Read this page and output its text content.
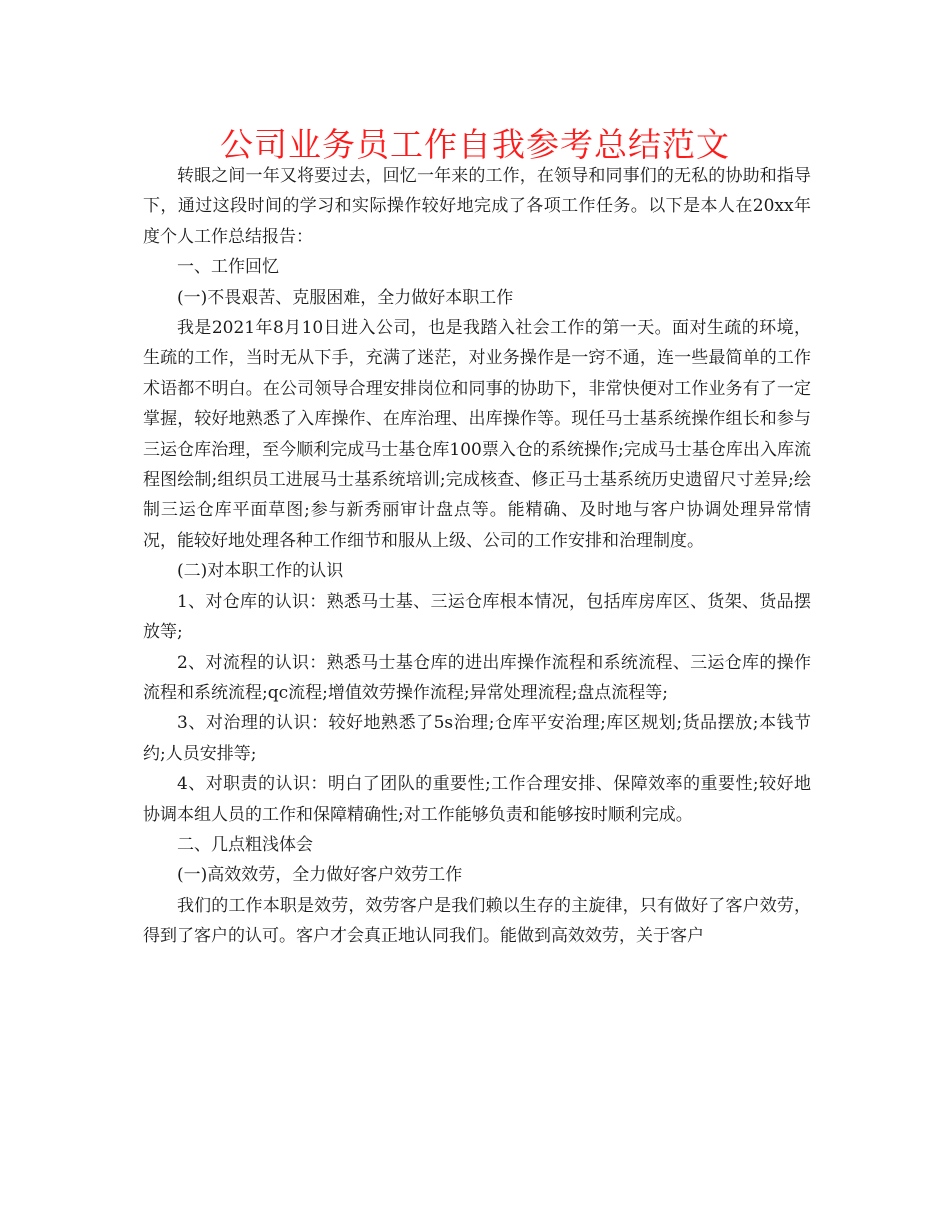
公司业务员工作自我参考总结范文

转眼之间一年又将要过去，回忆一年来的工作，在领导和同事们的无私的协助和指导下，通过这段时间的学习和实际操作较好地完成了各项工作任务。以下是本人在20xx年度个人工作总结报告：

一、工作回忆

(一)不畏艰苦、克服困难，全力做好本职工作

我是2021年8月10日进入公司，也是我踏入社会工作的第一天。面对生疏的环境，生疏的工作，当时无从下手，充满了迷茫，对业务操作是一窍不通，连一些最简单的工作术语都不明白。在公司领导合理安排岗位和同事的协助下，非常快便对工作业务有了一定掌握，较好地熟悉了入库操作、在库治理、出库操作等。现任马士基系统操作组长和参与三运仓库治理，至今顺利完成马士基仓库100票入仓的系统操作;完成马士基仓库出入库流程图绘制;组织员工进展马士基系统培训;完成核查、修正马士基系统历史遗留尺寸差异;绘制三运仓库平面草图;参与新秀丽审计盘点等。能精确、及时地与客户协调处理异常情况，能较好地处理各种工作细节和服从上级、公司的工作安排和治理制度。

(二)对本职工作的认识

1、对仓库的认识：熟悉马士基、三运仓库根本情况，包括库房库区、货架、货品摆放等;

2、对流程的认识：熟悉马士基仓库的进出库操作流程和系统流程、三运仓库的操作流程和系统流程;qc流程;增值效劳操作流程;异常处理流程;盘点流程等;

3、对治理的认识：较好地熟悉了5s治理;仓库平安治理;库区规划;货品摆放;本钱节约;人员安排等;

4、对职责的认识：明白了团队的重要性;工作合理安排、保障效率的重要性;较好地协调本组人员的工作和保障精确性;对工作能够负责和能够按时顺利完成。

二、几点粗浅体会

(一)高效效劳，全力做好客户效劳工作

我们的工作本职是效劳，效劳客户是我们赖以生存的主旋律，只有做好了客户效劳，得到了客户的认可。客户才会真正地认同我们。能做到高效效劳，关于客户
